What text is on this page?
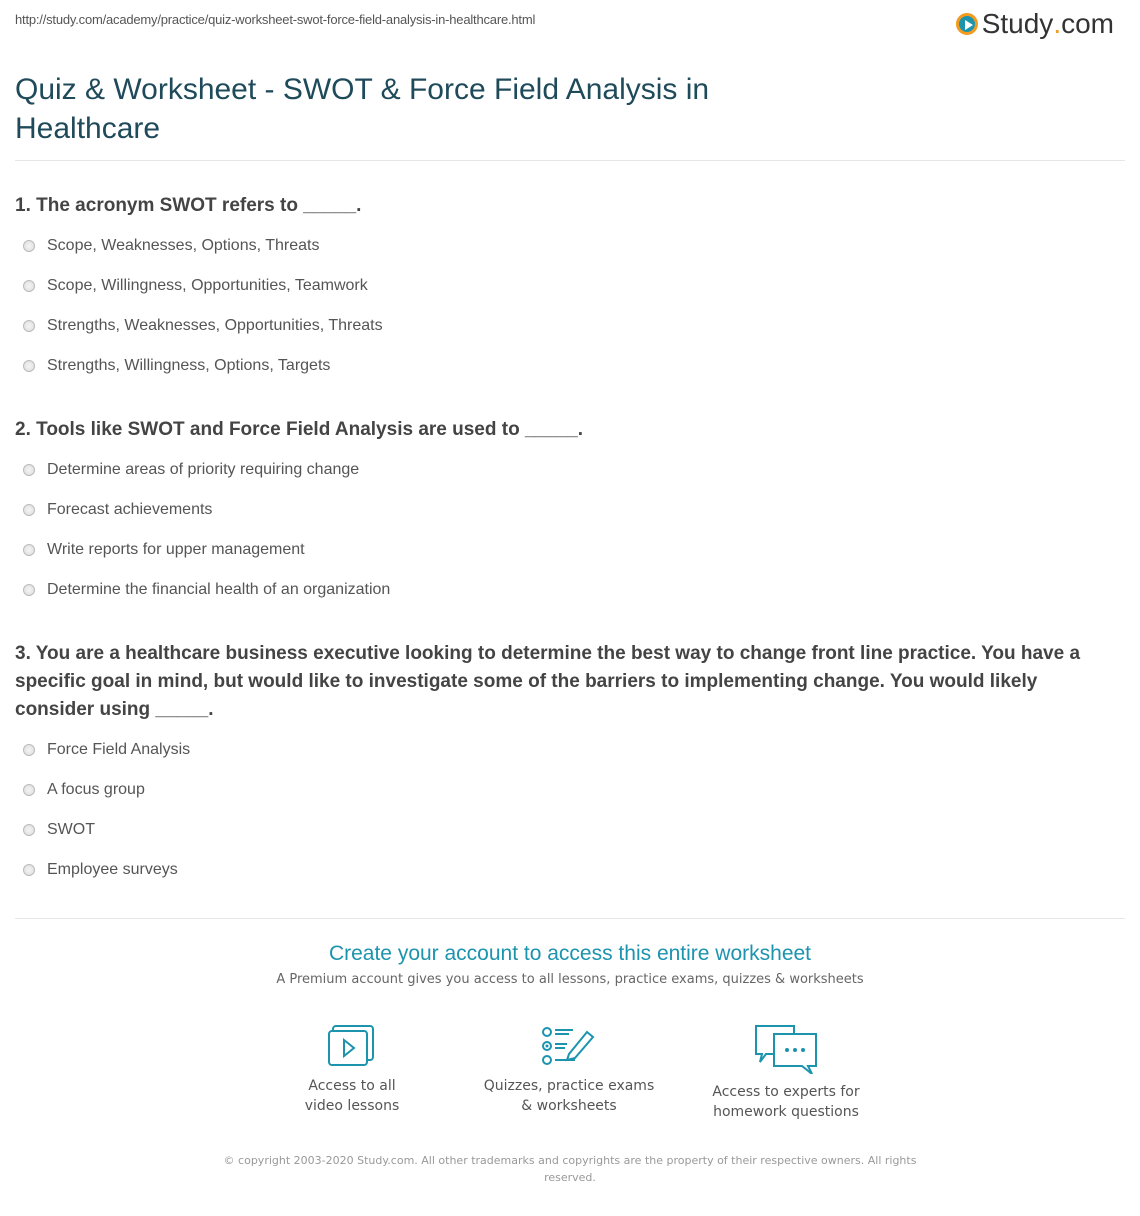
http://study.com/academy/practice/quiz-worksheet-swot-force-field-analysis-in-healthcare.html	Study . com
Quiz & Worksheet - SWOT & Force Field Analysis in Healthcare
1. The acronym SWOT refers to _____.
Scope, Weaknesses, Options, Threats
Scope, Willingness, Opportunities, Teamwork
Strengths, Weaknesses, Opportunities, Threats
Strengths, Willingness, Options, Targets
2. Tools like SWOT and Force Field Analysis are used to _____.
Determine areas of priority requiring change
Forecast achievements
Write reports for upper management
Determine the financial health of an organization
3. You are a healthcare business executive looking to determine the best way to change front line practice. You have a specific goal in mind, but would like to investigate some of the barriers to implementing change. You would likely consider using _____.
Force Field Analysis
A focus group
SWOT
Employee surveys
Create your account to access this entire worksheet
A Premium account gives you access to all lessons, practice exams, quizzes & worksheets
Access to all
video lessons
Quizzes, practice exams
& worksheets
Access to experts for
homework questions
© copyright 2003-2020 Study.com. All other trademarks and copyrights are the property of their respective owners. All rights reserved.
